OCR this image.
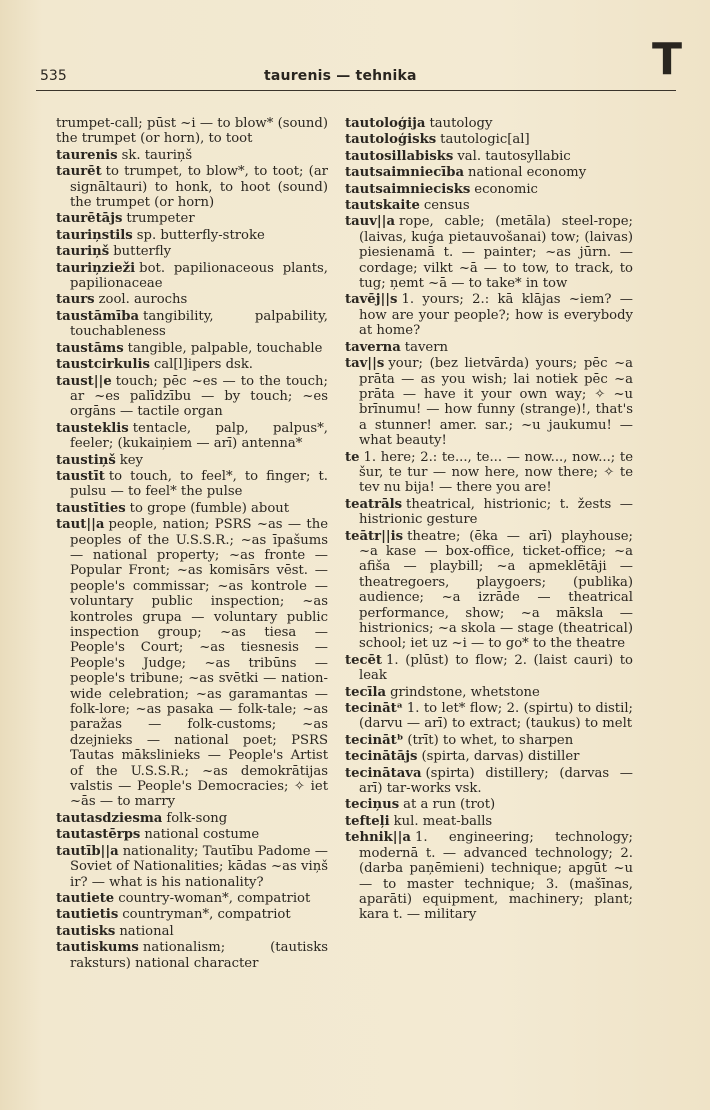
535	taurenis — tehnika	T
trumpet-call; pūst ~i — to blow* (sound) the trumpet (or horn), to toot
taurenis sk. tauriņš
taurēt to trumpet, to blow*, to toot; (ar signāltauri) to honk, to hoot (sound) the trumpet (or horn)
taurētājs trumpeter
tauriņstils sp. butterfly-stroke
tauriņš butterfly
tauriņzieži bot. papilionaceous plants, papilionaceae
taurs zool. aurochs
taustāmība tangibility, palpability, touchableness
taustāms tangible, palpable, touchable
taustcirkulis cal[l]ipers dsk.
taust||e touch; pēc ~es — to the touch; ar ~es palīdzību — by touch; ~es orgāns — tactile organ
tausteklis tentacle, palp, palpus*, feeler; (kukaiņiem — arī) antenna*
taustiņš key
taustīt to touch, to feel*, to finger; t. pulsu — to feel* the pulse
taustīties to grope (fumble) about
taut||a people, nation; PSRS ~as — the peoples of the U.S.S.R.; ~as īpašums — national property; ~as fronte — Popular Front; ~as komisārs vēst. — people's commissar; ~as kontrole — voluntary public inspection; ~as kontroles grupa — voluntary public inspection group; ~as tiesa — People's Court; ~as tiesnesis — People's Judge; ~as tribūns — people's tribune; ~as svētki — nation-wide celebration; ~as garamantas — folk-lore; ~as pasaka — folk-tale; ~as paražas — folk-customs; ~as dzejnieks — national poet; PSRS Tautas mākslinieks — People's Artist of the U.S.S.R.; ~as demokrātijas valstis — People's Democracies; ✧ iet ~ās — to marry
tautasdziesma folk-song
tautastērps national costume
tautīb||a nationality; Tautību Padome — Soviet of Nationalities; kādas ~as viņš ir? — what is his nationality?
tautiete country-woman*, compatriot
tautietis countryman*, compatriot
tautisks national
tautiskums nationalism; (tautisks raksturs) national character
tautoloģija tautology
tautoloģisks tautologic[al]
tautosillabisks val. tautosyllabic
tautsaimniecība national economy
tautsaimniecisks economic
tautskaite census
tauv||a rope, cable; (metāla) steel-rope; (laivas, kuģa pietauvošanai) tow; (laivas) piesienamā t. — painter; ~as jūrn. — cordage; vilkt ~ā — to tow, to track, to tug; ņemt ~ā — to take* in tow
tavēj||s 1. yours; 2.: kā klājas ~iem? — how are your people?; how is everybody at home?
taverna tavern
tav||s your; (bez lietvārda) yours; pēc ~a prāta — as you wish; lai notiek pēc ~a prāta — have it your own way; ✧ ~u brīnumu! — how funny (strange)!, that's a stunner! amer. sar.; ~u jaukumu! — what beauty!
te 1. here; 2.: te..., te... — now..., now...; te šur, te tur — now here, now there; ✧ te tev nu bija! — there you are!
teatrāls theatrical, histrionic; t. žests — histrionic gesture
teātr||is theatre; (ēka — arī) playhouse; ~a kase — box-office, ticket-office; ~a afiša — playbill; ~a apmeklētāji — theatregoers, playgoers; (publika) audience; ~a izrāde — theatrical performance, show; ~a māksla — histrionics; ~a skola — stage (theatrical) school; iet uz ~i — to go* to the theatre
tecēt 1. (plūst) to flow; 2. (laist cauri) to leak
tecīla grindstone, whetstone
tecinātᵃ 1. to let* flow; 2. (spirtu) to distil; (darvu — arī) to extract; (taukus) to melt
tecinātᵇ (trīt) to whet, to sharpen
tecinātājs (spirta, darvas) distiller
tecinātava (spirta) distillery; (darvas — arī) tar-works vsk.
teciņus at a run (trot)
tefteļi kul. meat-balls
tehnik||a 1. engineering; technology; modernā t. — advanced technology; 2. (darba paņēmieni) technique; apgūt ~u — to master technique; 3. (mašīnas, aparāti) equipment, machinery; plant; kara t. — military
